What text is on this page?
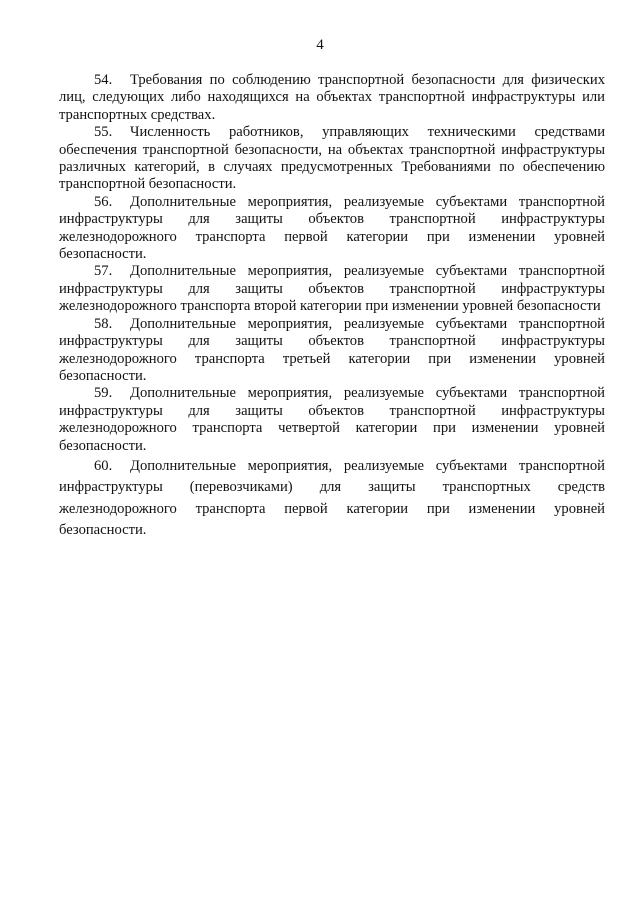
4

54. Требования по соблюдению транспортной безопасности для физических лиц, следующих либо находящихся на объектах транспортной инфраструктуры или транспортных средствах.

55. Численность работников, управляющих техническими средствами обеспечения транспортной безопасности, на объектах транспортной инфраструктуры различных категорий, в случаях предусмотренных Требованиями по обеспечению транспортной безопасности.

56. Дополнительные мероприятия, реализуемые субъектами транспортной инфраструктуры для защиты объектов транспортной инфраструктуры железнодорожного транспорта первой категории при изменении уровней безопасности.

57. Дополнительные мероприятия, реализуемые субъектами транспортной инфраструктуры для защиты объектов транспортной инфраструктуры железнодорожного транспорта второй категории при изменении уровней безопасности

58. Дополнительные мероприятия, реализуемые субъектами транспортной инфраструктуры для защиты объектов транспортной инфраструктуры железнодорожного транспорта третьей категории при изменении уровней безопасности.

59. Дополнительные мероприятия, реализуемые субъектами транспортной инфраструктуры для защиты объектов транспортной инфраструктуры железнодорожного транспорта четвертой категории при изменении уровней безопасности.

60. Дополнительные мероприятия, реализуемые субъектами транспортной инфраструктуры (перевозчиками) для защиты транспортных средств железнодорожного транспорта первой категории при изменении уровней безопасности.
